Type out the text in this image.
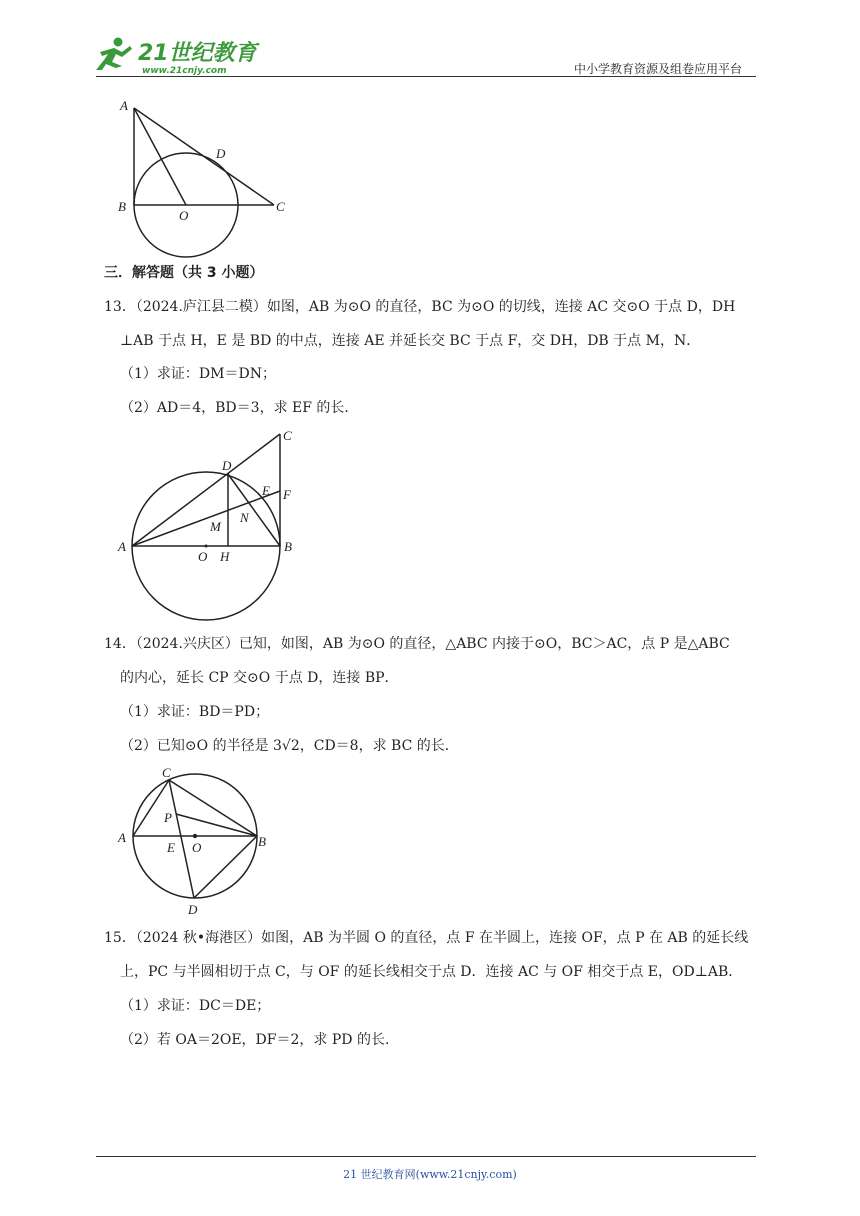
21世纪教育
www.21cnjy.com	中小学教育资源及组卷应用平台
A
D
B
O
C
三．解答题（共 3 小题）
13．（2024.庐江县二模）如图，AB 为⊙O 的直径，BC 为⊙O 的切线，连接 AC 交⊙O 于点 D，DH
⊥AB 于点 H，E 是 BD 的中点，连接 AE 并延长交 BC 于点 F，交 DH，DB 于点 M，N．
（1）求证：DM＝DN；
（2）AD＝4，BD＝3，求 EF 的长．
C
D
E F
M
N
A
O H
B
14．（2024.兴庆区）已知，如图，AB 为⊙O 的直径，△ABC 内接于⊙O，BC＞AC，点 P 是△ABC
的内心，延长 CP 交⊙O 于点 D，连接 BP．
（1）求证：BD＝PD；
（2）已知⊙O 的半径是 3√2，CD＝8，求 BC 的长．
C
P
A
E O	B
D
15．（2024 秋•海港区）如图，AB 为半圆 O 的直径，点 F 在半圆上，连接 OF，点 P 在 AB 的延长线
上，PC 与半圆相切于点 C，与 OF 的延长线相交于点 D．连接 AC 与 OF 相交于点 E，OD⊥AB．
（1）求证：DC＝DE；
（2）若 OA＝2OE，DF＝2，求 PD 的长．
21 世纪教育网(www.21cnjy.com)
